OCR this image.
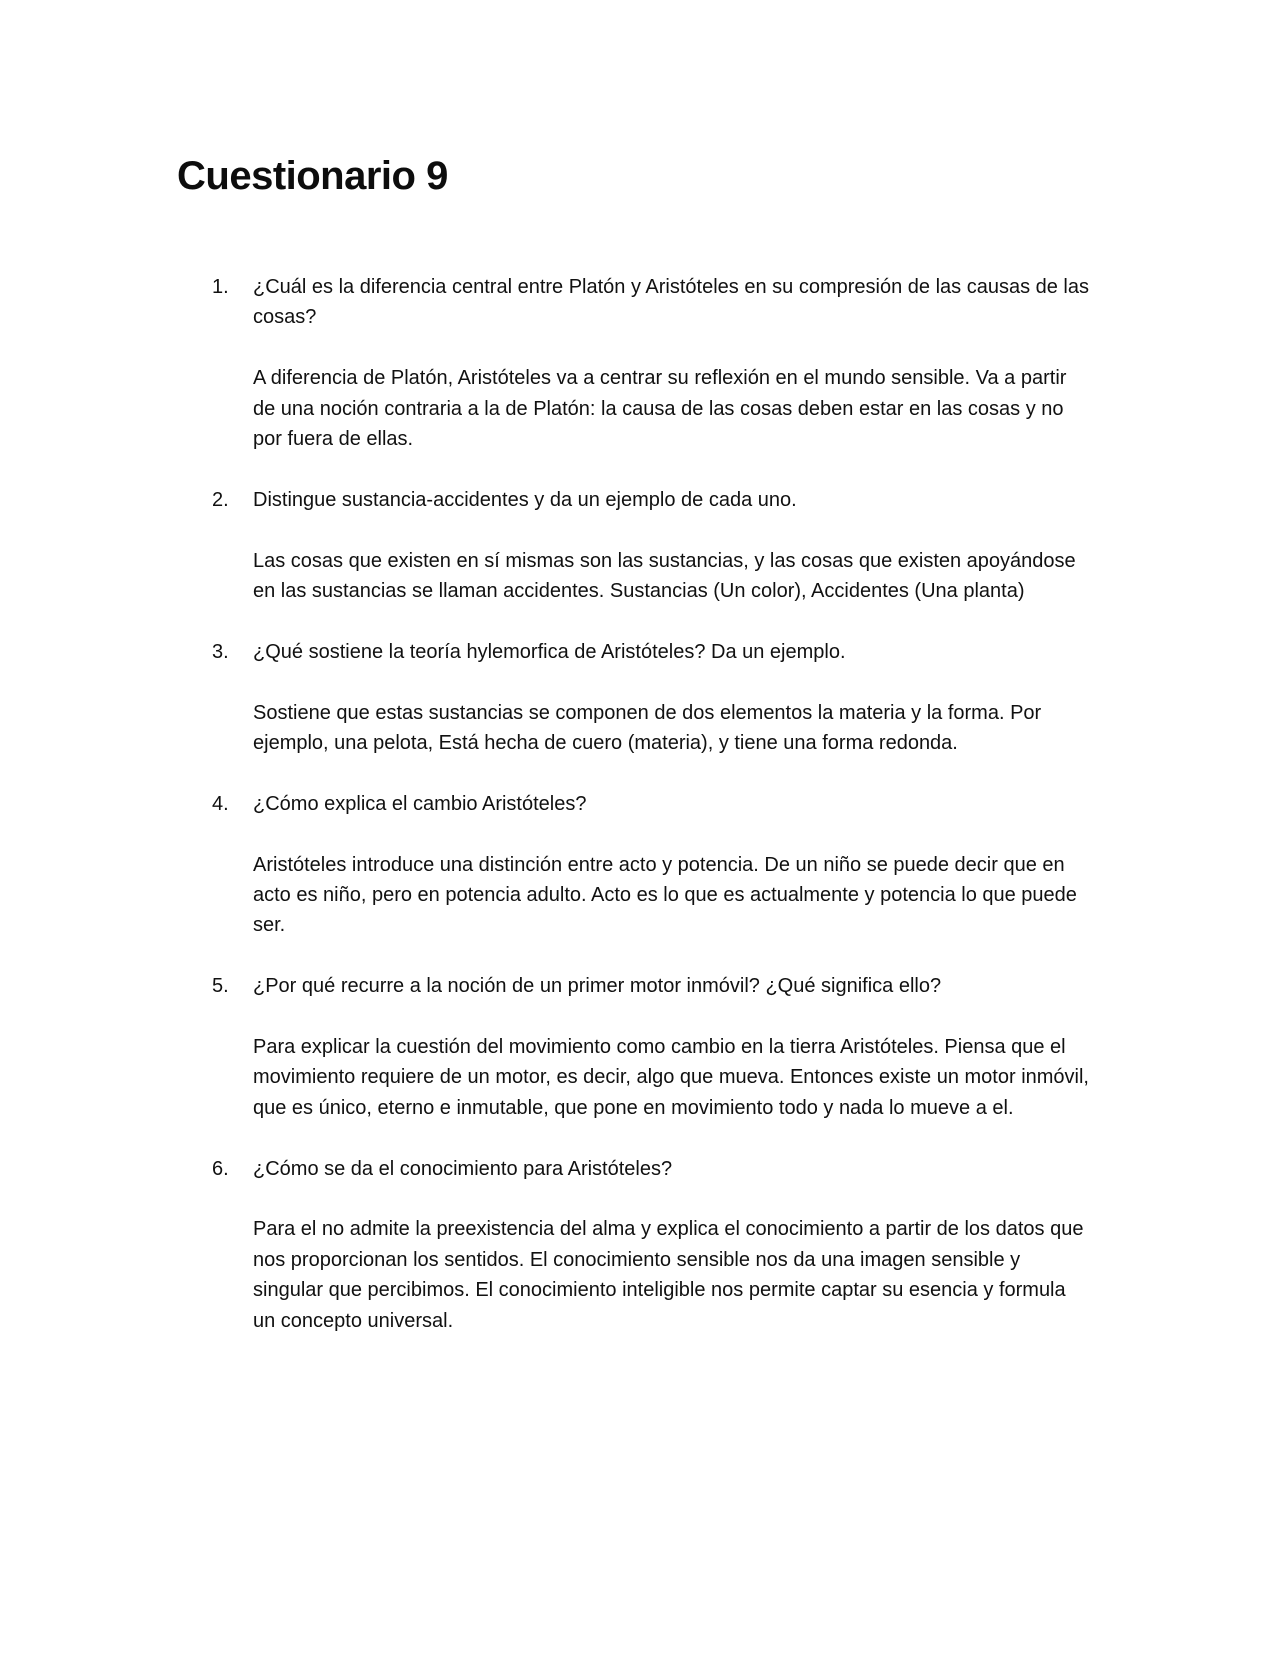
Cuestionario 9
1.	¿Cuál es la diferencia central entre Platón y Aristóteles en su compresión de las causas de las cosas?

A diferencia de Platón, Aristóteles va a centrar su reflexión en el mundo sensible. Va a partir de una noción contraria a la de Platón: la causa de las cosas deben estar en las cosas y no por fuera de ellas.

2.	Distingue sustancia-accidentes y da un ejemplo de cada uno.

Las cosas que existen en sí mismas son las sustancias, y las cosas que existen apoyándose en las sustancias se llaman accidentes. Sustancias (Un color), Accidentes (Una planta)

3.	¿Qué sostiene la teoría hylemorfica de Aristóteles? Da un ejemplo.

Sostiene que estas sustancias se componen de dos elementos la materia y la forma. Por ejemplo, una pelota, Está hecha de cuero (materia), y tiene una forma redonda.

4.	¿Cómo explica el cambio Aristóteles?

Aristóteles introduce una distinción entre acto y potencia. De un niño se puede decir que en acto es niño, pero en potencia adulto. Acto es lo que es actualmente y potencia lo que puede ser.

5.	¿Por qué recurre a la noción de un primer motor inmóvil? ¿Qué significa ello?

Para explicar la cuestión del movimiento como cambio en la tierra Aristóteles. Piensa que el movimiento requiere de un motor, es decir, algo que mueva. Entonces existe un motor inmóvil, que es único, eterno e inmutable, que pone en movimiento todo y nada lo mueve a el.

6.	¿Cómo se da el conocimiento para Aristóteles?

Para el no admite la preexistencia del alma y explica el conocimiento a partir de los datos que nos proporcionan los sentidos. El conocimiento sensible nos da una imagen sensible y singular que percibimos. El conocimiento inteligible nos permite captar su esencia y formula un concepto universal.
